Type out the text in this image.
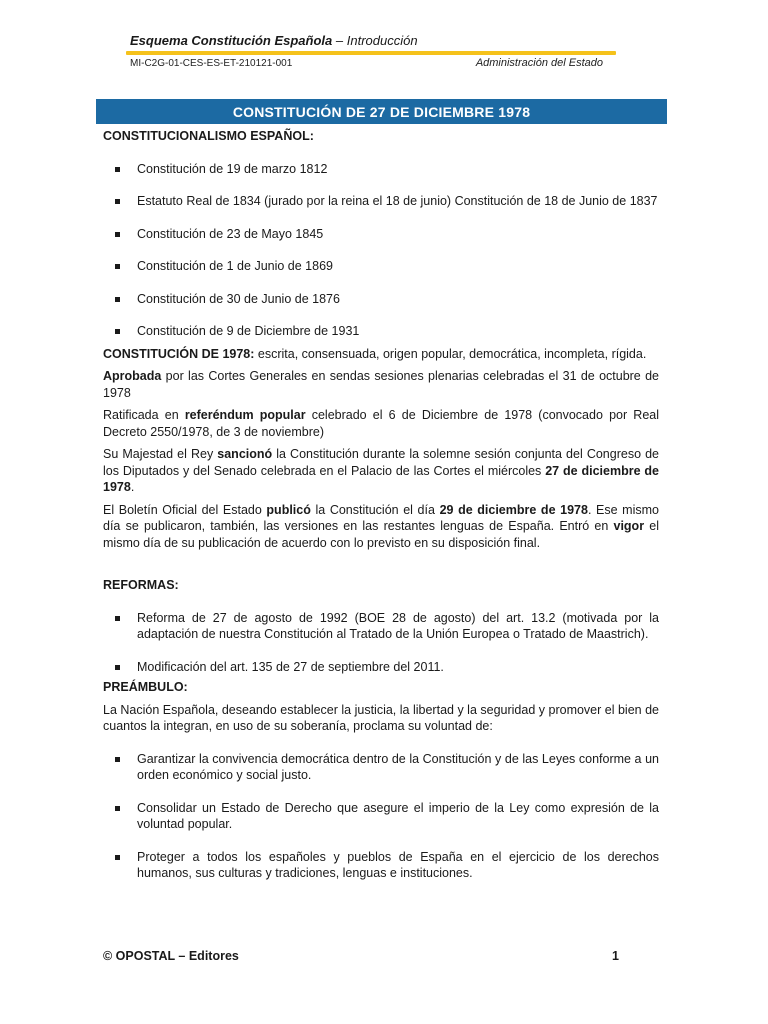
Esquema Constitución Española – Introducción
MI-C2G-01-CES-ES-ET-210121-001	Administración del Estado
CONSTITUCIÓN DE 27 DE DICIEMBRE 1978

CONSTITUCIONALISMO ESPAÑOL:

Constitución de 19 de marzo 1812
Estatuto Real de 1834 (jurado por la reina el 18 de junio) Constitución de 18 de Junio de 1837
Constitución de 23 de Mayo 1845
Constitución de 1 de Junio de 1869
Constitución de 30 de Junio de 1876
Constitución de 9 de Diciembre de 1931

CONSTITUCIÓN DE 1978: escrita, consensuada, origen popular, democrática, incompleta, rígida.

Aprobada por las Cortes Generales en sendas sesiones plenarias celebradas el 31 de octubre de 1978

Ratificada en referéndum popular celebrado el 6 de Diciembre de 1978 (convocado por Real Decreto 2550/1978, de 3 de noviembre)

Su Majestad el Rey sancionó la Constitución durante la solemne sesión conjunta del Congreso de los Diputados y del Senado celebrada en el Palacio de las Cortes el miércoles 27 de diciembre de 1978.

El Boletín Oficial del Estado publicó la Constitución el día 29 de diciembre de 1978. Ese mismo día se publicaron, también, las versiones en las restantes lenguas de España. Entró en vigor el mismo día de su publicación de acuerdo con lo previsto en su disposición final.

REFORMAS:

Reforma de 27 de agosto de 1992 (BOE 28 de agosto) del art. 13.2 (motivada por la adaptación de nuestra Constitución al Tratado de la Unión Europea o Tratado de Maastrich).
Modificación del art. 135 de 27 de septiembre del 2011.

PREÁMBULO:

La Nación Española, deseando establecer la justicia, la libertad y la seguridad y promover el bien de cuantos la integran, en uso de su soberanía, proclama su voluntad de:

Garantizar la convivencia democrática dentro de la Constitución y de las Leyes conforme a un orden económico y social justo.
Consolidar un Estado de Derecho que asegure el imperio de la Ley como expresión de la voluntad popular.
Proteger a todos los españoles y pueblos de España en el ejercicio de los derechos humanos, sus culturas y tradiciones, lenguas e instituciones.
© OPOSTAL – Editores	1
